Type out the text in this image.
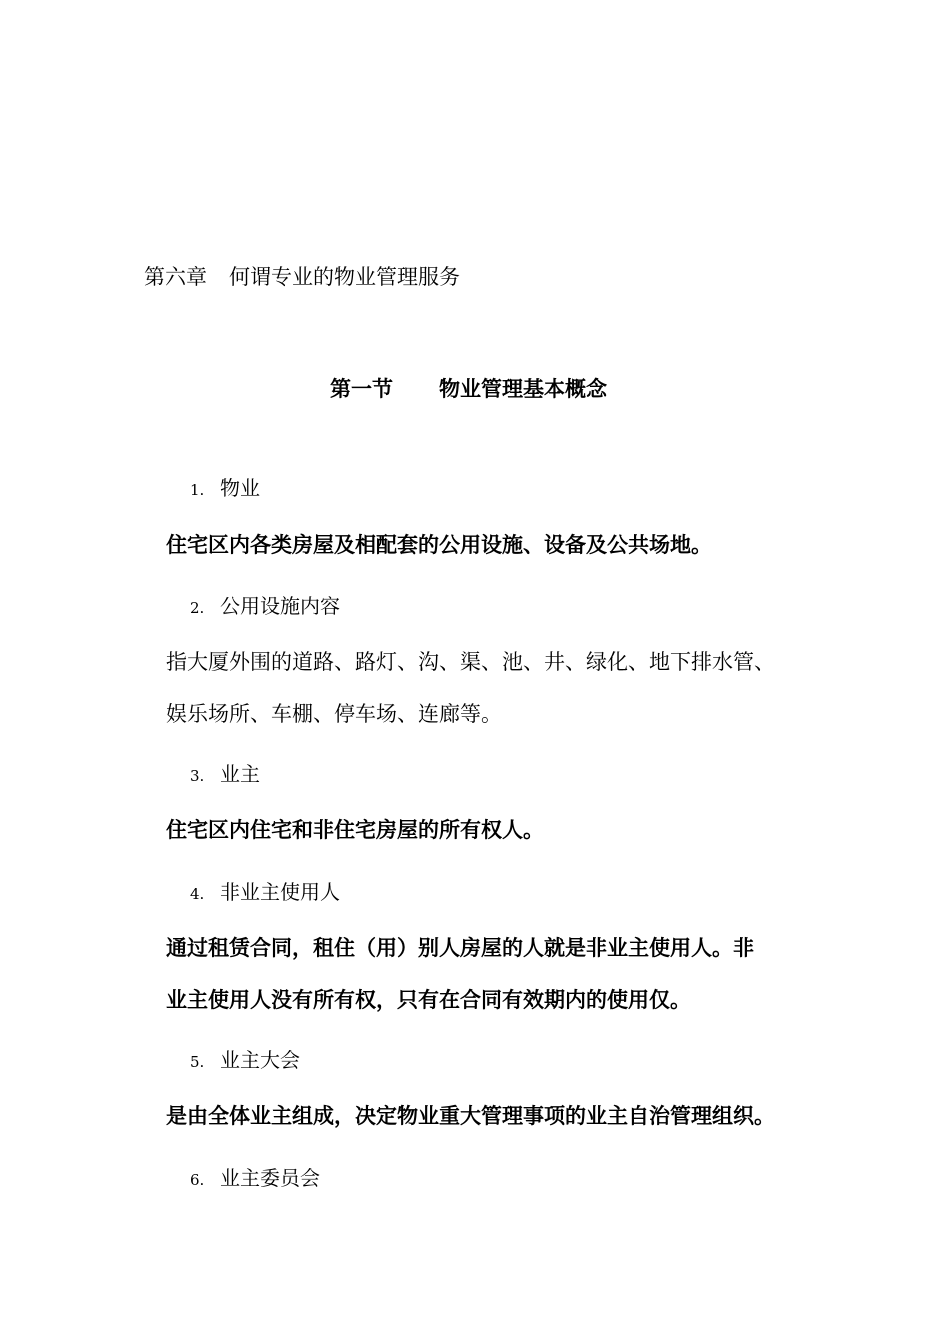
第六章 何谓专业的物业管理服务
第一节 物业管理基本概念
1. 物业
住宅区内各类房屋及相配套的公用设施、设备及公共场地。
2. 公用设施内容
指大厦外围的道路、路灯、沟、渠、池、井、绿化、地下排水管、
娱乐场所、车棚、停车场、连廊等。
3. 业主
住宅区内住宅和非住宅房屋的所有权人。
4. 非业主使用人
通过租赁合同，租住（用）别人房屋的人就是非业主使用人。非
业主使用人没有所有权，只有在合同有效期内的使用仅。
5. 业主大会
是由全体业主组成，决定物业重大管理事项的业主自治管理组织。
6. 业主委员会
